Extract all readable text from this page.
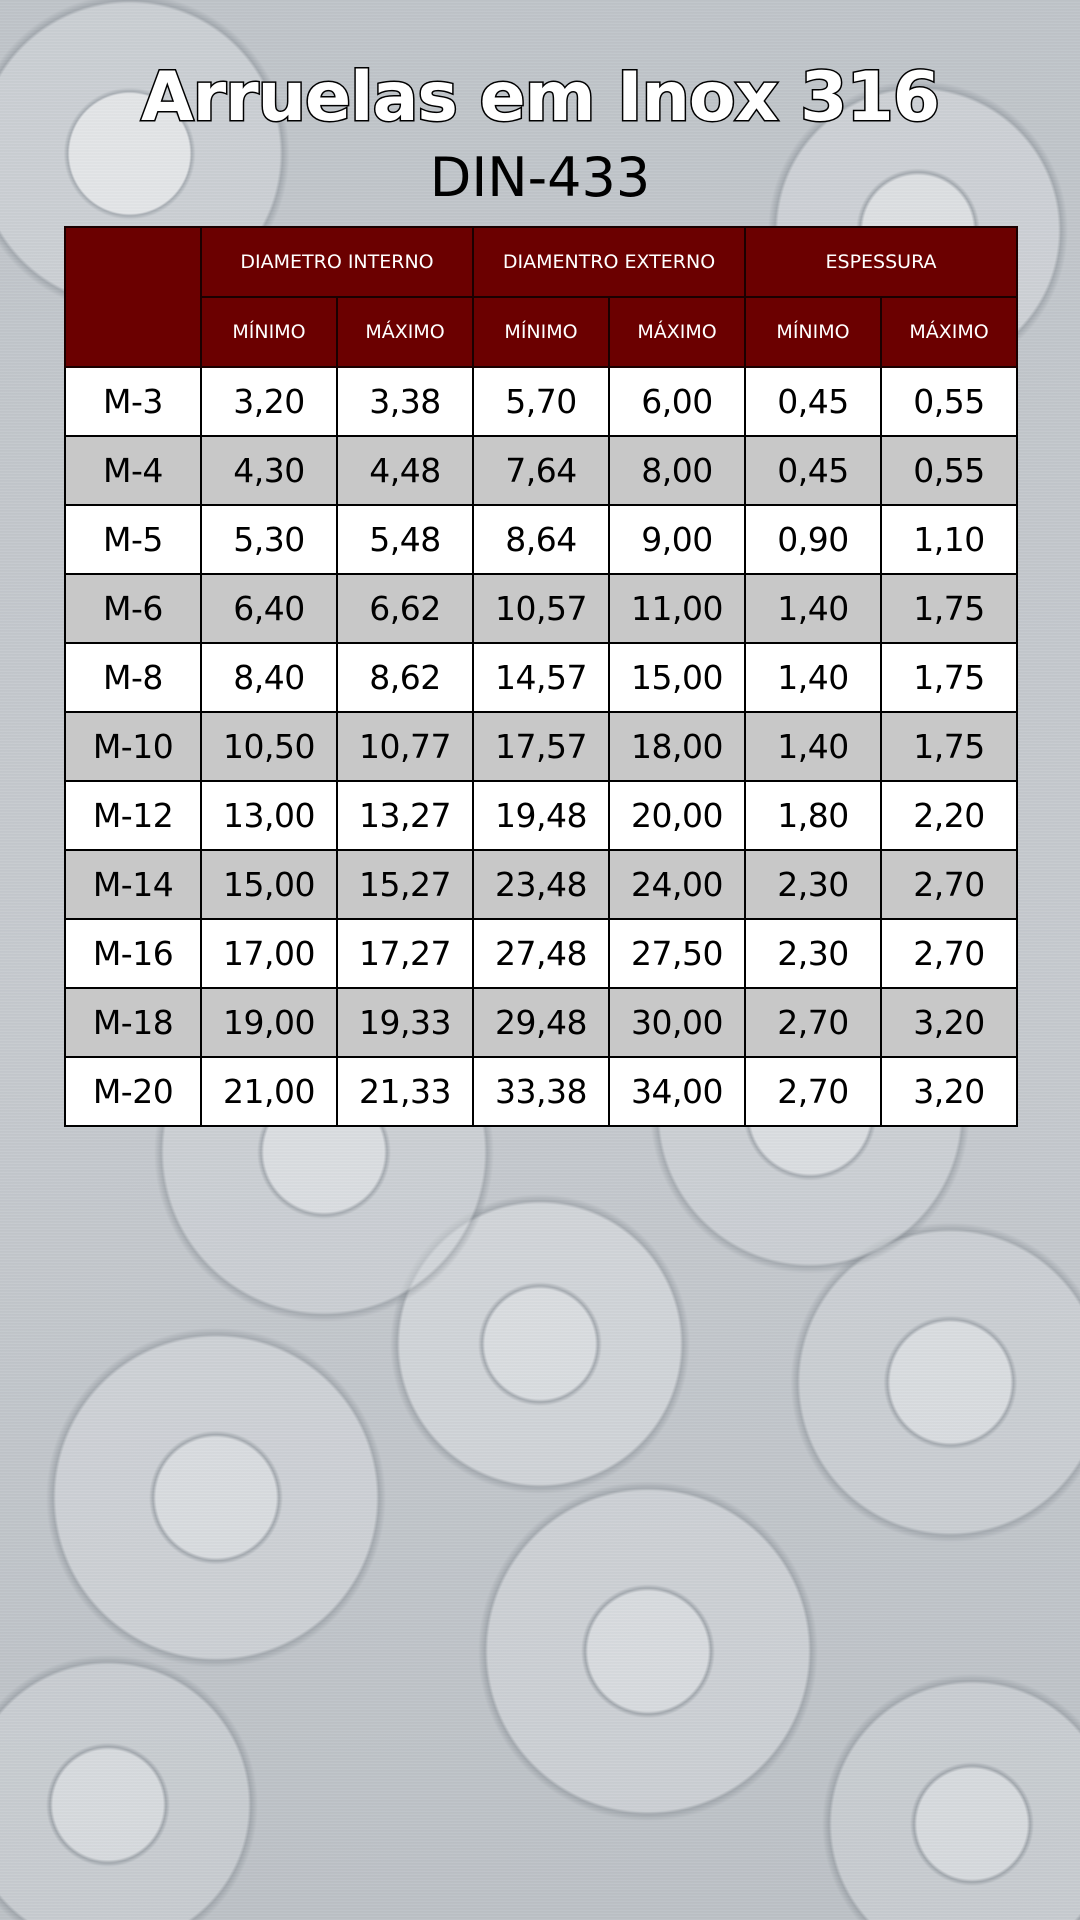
Arruelas em Inox 316
DIN-433
	DIAMETRO INTERNO		DIAMENTRO EXTERNO		ESPESSURA	
	MÍNIMO	MÁXIMO	MÍNIMO	MÁXIMO	MÍNIMO	MÁXIMO
M-3	3,20	3,38	5,70	6,00	0,45	0,55
M-4	4,30	4,48	7,64	8,00	0,45	0,55
M-5	5,30	5,48	8,64	9,00	0,90	1,10
M-6	6,40	6,62	10,57	11,00	1,40	1,75
M-8	8,40	8,62	14,57	15,00	1,40	1,75
M-10	10,50	10,77	17,57	18,00	1,40	1,75
M-12	13,00	13,27	19,48	20,00	1,80	2,20
M-14	15,00	15,27	23,48	24,00	2,30	2,70
M-16	17,00	17,27	27,48	27,50	2,30	2,70
M-18	19,00	19,33	29,48	30,00	2,70	3,20
M-20	21,00	21,33	33,38	34,00	2,70	3,20
